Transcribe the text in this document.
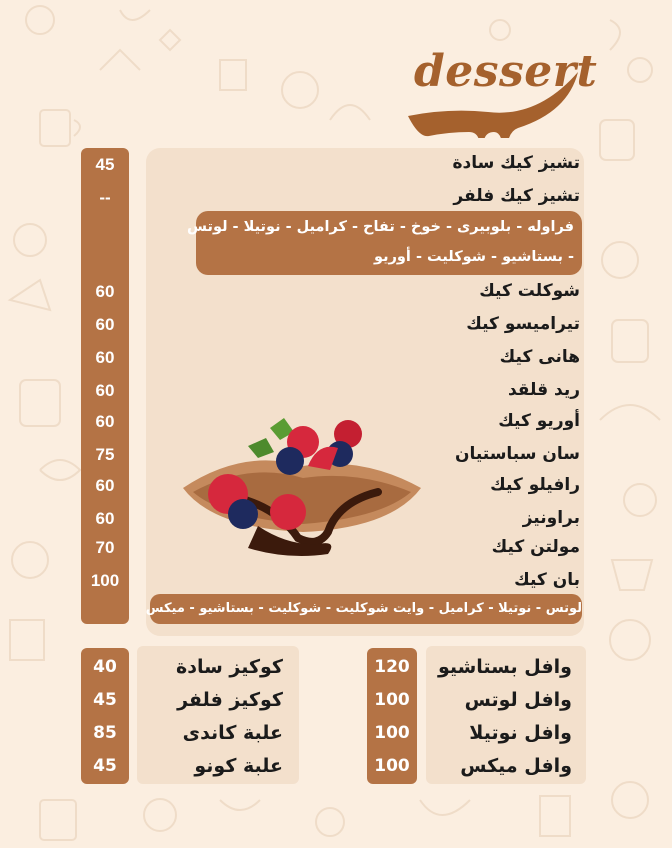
dessert
45
--
60
60
60
60
60
75
60
60
70
100
تشيز كيك سادة
تشيز كيك فلفر
فراوله - بلوبيرى - خوخ - تفاح - كراميل - نوتيلا - لوتس
- بستاشيو - شوكليت - أوريو
شوكلت كيك
تيراميسو كيك
هانى كيك
ريد قلقد
أوريو كيك
سان سباستيان
رافيلو كيك
براونيز
مولتن كيك
بان كيك
لوتس - نوتيلا - كراميل - وايت شوكليت - شوكليت - بستاشيو - ميكس
40
45
85
45
كوكيز سادة
كوكيز فلفر
علبة كاندى
علبة كونو
120
100
100
100
وافل بستاشيو
وافل لوتس
وافل نوتيلا
وافل ميكس
